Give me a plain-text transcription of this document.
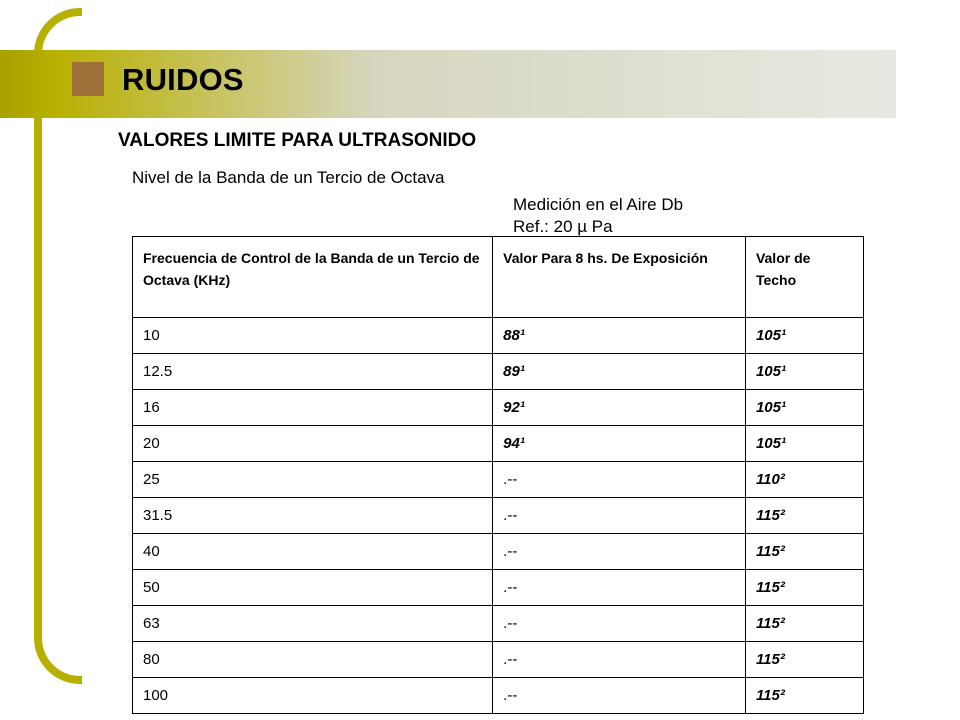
RUIDOS
VALORES LIMITE PARA ULTRASONIDO
Nivel de la Banda de un Tercio de Octava
Medición en el Aire Db
Ref.: 20 µ Pa
Frecuencia de Control de la Banda de un Tercio de Octava (KHz)	Valor Para 8 hs. De Exposición	Valor de Techo
10	88¹	105¹
12.5	89¹	105¹
16	92¹	105¹
20	94¹	105¹
25	.--	110²
31.5	.--	115²
40	.--	115²
50	.--	115²
63	.--	115²
80	.--	115²
100	.--	115²
